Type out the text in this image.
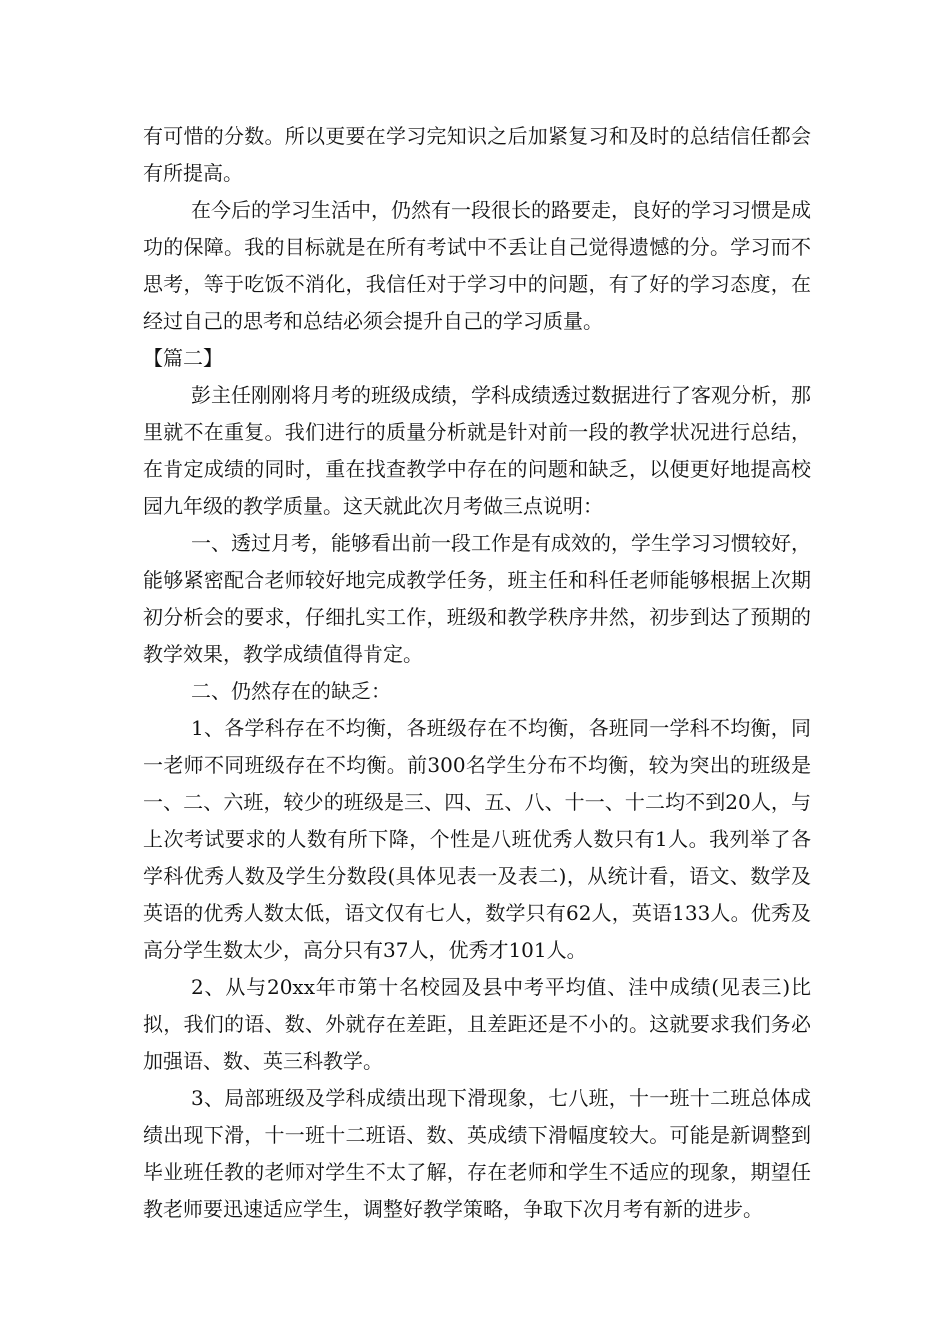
有可惜的分数。所以更要在学习完知识之后加紧复习和及时的总结信任都会有所提高。

在今后的学习生活中，仍然有一段很长的路要走，良好的学习习惯是成功的保障。我的目标就是在所有考试中不丢让自己觉得遗憾的分。学习而不思考，等于吃饭不消化，我信任对于学习中的问题，有了好的学习态度，在经过自己的思考和总结必须会提升自己的学习质量。

【篇二】

彭主任刚刚将月考的班级成绩，学科成绩透过数据进行了客观分析，那里就不在重复。我们进行的质量分析就是针对前一段的教学状况进行总结，在肯定成绩的同时，重在找查教学中存在的问题和缺乏，以便更好地提高校园九年级的教学质量。这天就此次月考做三点说明：

一、透过月考，能够看出前一段工作是有成效的，学生学习习惯较好，能够紧密配合老师较好地完成教学任务，班主任和科任老师能够根据上次期初分析会的要求，仔细扎实工作，班级和教学秩序井然，初步到达了预期的教学效果，教学成绩值得肯定。

二、仍然存在的缺乏：

1、各学科存在不均衡，各班级存在不均衡，各班同一学科不均衡，同一老师不同班级存在不均衡。前300名学生分布不均衡，较为突出的班级是一、二、六班，较少的班级是三、四、五、八、十一、十二均不到20人，与上次考试要求的人数有所下降，个性是八班优秀人数只有1人。我列举了各学科优秀人数及学生分数段(具体见表一及表二)，从统计看，语文、数学及英语的优秀人数太低，语文仅有七人，数学只有62人，英语133人。优秀及高分学生数太少，高分只有37人，优秀才101人。

2、从与20xx年市第十名校园及县中考平均值、洼中成绩(见表三)比拟，我们的语、数、外就存在差距，且差距还是不小的。这就要求我们务必加强语、数、英三科教学。

3、局部班级及学科成绩出现下滑现象，七八班，十一班十二班总体成绩出现下滑，十一班十二班语、数、英成绩下滑幅度较大。可能是新调整到毕业班任教的老师对学生不太了解，存在老师和学生不适应的现象，期望任教老师要迅速适应学生，调整好教学策略，争取下次月考有新的进步。
